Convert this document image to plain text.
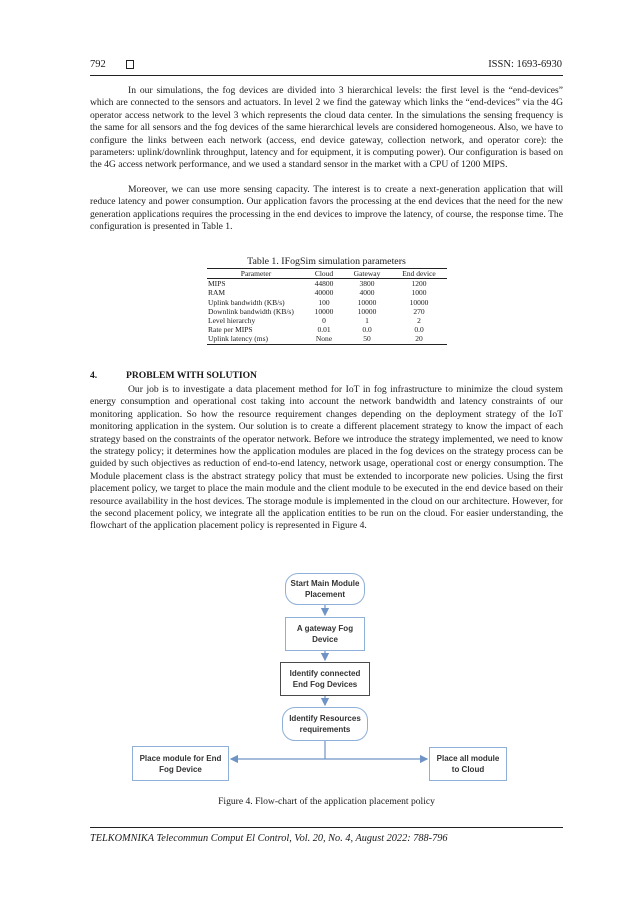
792	ISSN: 1693-6930

In our simulations, the fog devices are divided into 3 hierarchical levels: the first level is the “end-devices” which are connected to the sensors and actuators. In level 2 we find the gateway which links the “end-devices” via the 4G operator access network to the level 3 which represents the cloud data center. In the simulations the sensing frequency is the same for all sensors and the fog devices of the same hierarchical levels are considered homogeneous. Also, we have to configure the links between each network (access, end device gateway, collection network, and operator core): the parameters: uplink/downlink throughput, latency and for equipment, it is computing power). Our configuration is based on the 4G access network performance, and we used a standard sensor in the market with a CPU of 1200 MIPS.

Moreover, we can use more sensing capacity. The interest is to create a next-generation application that will reduce latency and power consumption. Our application favors the processing at the end devices that the need for the new generation applications requires the processing in the end devices to improve the latency, of course, the response time. The configuration is presented in Table 1.

Table 1. IFogSim simulation parameters
Parameter	Cloud	Gateway	End device
MIPS	44800	3800	1200
RAM	40000	4000	1000
Uplink bandwidth (KB/s)	100	10000	10000
Downlink bandwidth (KB/s)	10000	10000	270
Level hierarchy	0	1	2
Rate per MIPS	0.01	0.0	0.0
Uplink latency (ms)	None	50	20
4.	PROBLEM WITH SOLUTION

Our job is to investigate a data placement method for IoT in fog infrastructure to minimize the cloud system energy consumption and operational cost taking into account the network bandwidth and latency constraints of our monitoring application. So how the resource requirement changes depending on the deployment strategy of the IoT monitoring application in the system. Our solution is to create a different placement strategy to know the impact of each strategy based on the constraints of the operator network. Before we introduce the strategy implemented, we need to know the strategy policy; it determines how the application modules are placed in the fog devices on the strategy process can be guided by such objectives as reduction of end-to-end latency, network usage, operational cost or energy consumption. The Module placement class is the abstract strategy policy that must be extended to incorporate new policies. Using the first placement policy, we target to place the main module and the client module to be executed in the end device based on their resource availability in the host devices. The storage module is implemented in the cloud on our architecture. However, for the second placement policy, we integrate all the application entities to be run on the cloud. For easier understanding, the flowchart of the application placement policy is represented in Figure 4.

Start Main Module Placement
A gateway Fog Device
Identify connected End Fog Devices
Identify Resources requirements
Place module for End Fog Device
Place all module to Cloud
Figure 4. Flow-chart of the application placement policy
TELKOMNIKA Telecommun Comput El Control, Vol. 20, No. 4, August 2022: 788-796
